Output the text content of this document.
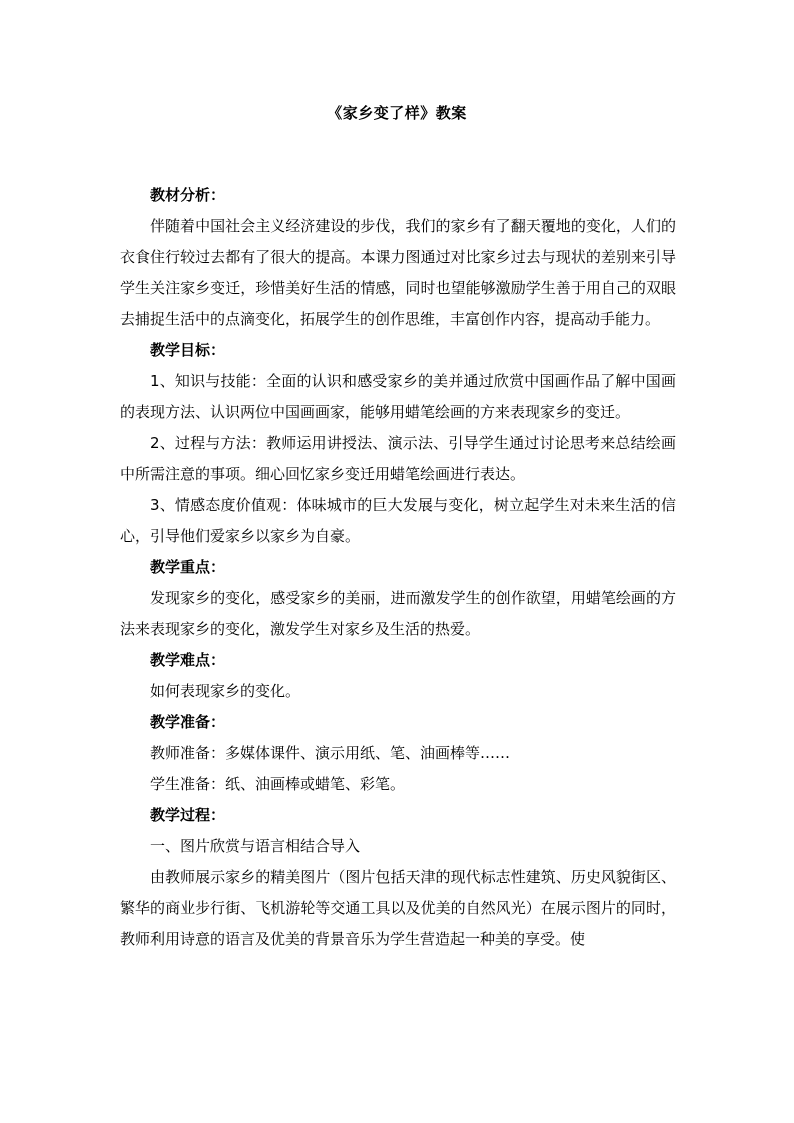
《家乡变了样》教案

教材分析：

伴随着中国社会主义经济建设的步伐，我们的家乡有了翻天覆地的变化，人们的衣食住行较过去都有了很大的提高。本课力图通过对比家乡过去与现状的差别来引导学生关注家乡变迁，珍惜美好生活的情感，同时也望能够激励学生善于用自己的双眼去捕捉生活中的点滴变化，拓展学生的创作思维，丰富创作内容，提高动手能力。

教学目标：

1、知识与技能：全面的认识和感受家乡的美并通过欣赏中国画作品了解中国画的表现方法、认识两位中国画画家，能够用蜡笔绘画的方来表现家乡的变迁。

2、过程与方法：教师运用讲授法、演示法、引导学生通过讨论思考来总结绘画中所需注意的事项。细心回忆家乡变迁用蜡笔绘画进行表达。

3、情感态度价值观：体味城市的巨大发展与变化，树立起学生对未来生活的信心，引导他们爱家乡以家乡为自豪。

教学重点：

发现家乡的变化，感受家乡的美丽，进而激发学生的创作欲望，用蜡笔绘画的方法来表现家乡的变化，激发学生对家乡及生活的热爱。

教学难点：

如何表现家乡的变化。

教学准备：

教师准备：多媒体课件、演示用纸、笔、油画棒等……

学生准备：纸、油画棒或蜡笔、彩笔。

教学过程：

一、图片欣赏与语言相结合导入

由教师展示家乡的精美图片（图片包括天津的现代标志性建筑、历史风貌街区、繁华的商业步行街、飞机游轮等交通工具以及优美的自然风光）在展示图片的同时，教师利用诗意的语言及优美的背景音乐为学生营造起一种美的享受。使
